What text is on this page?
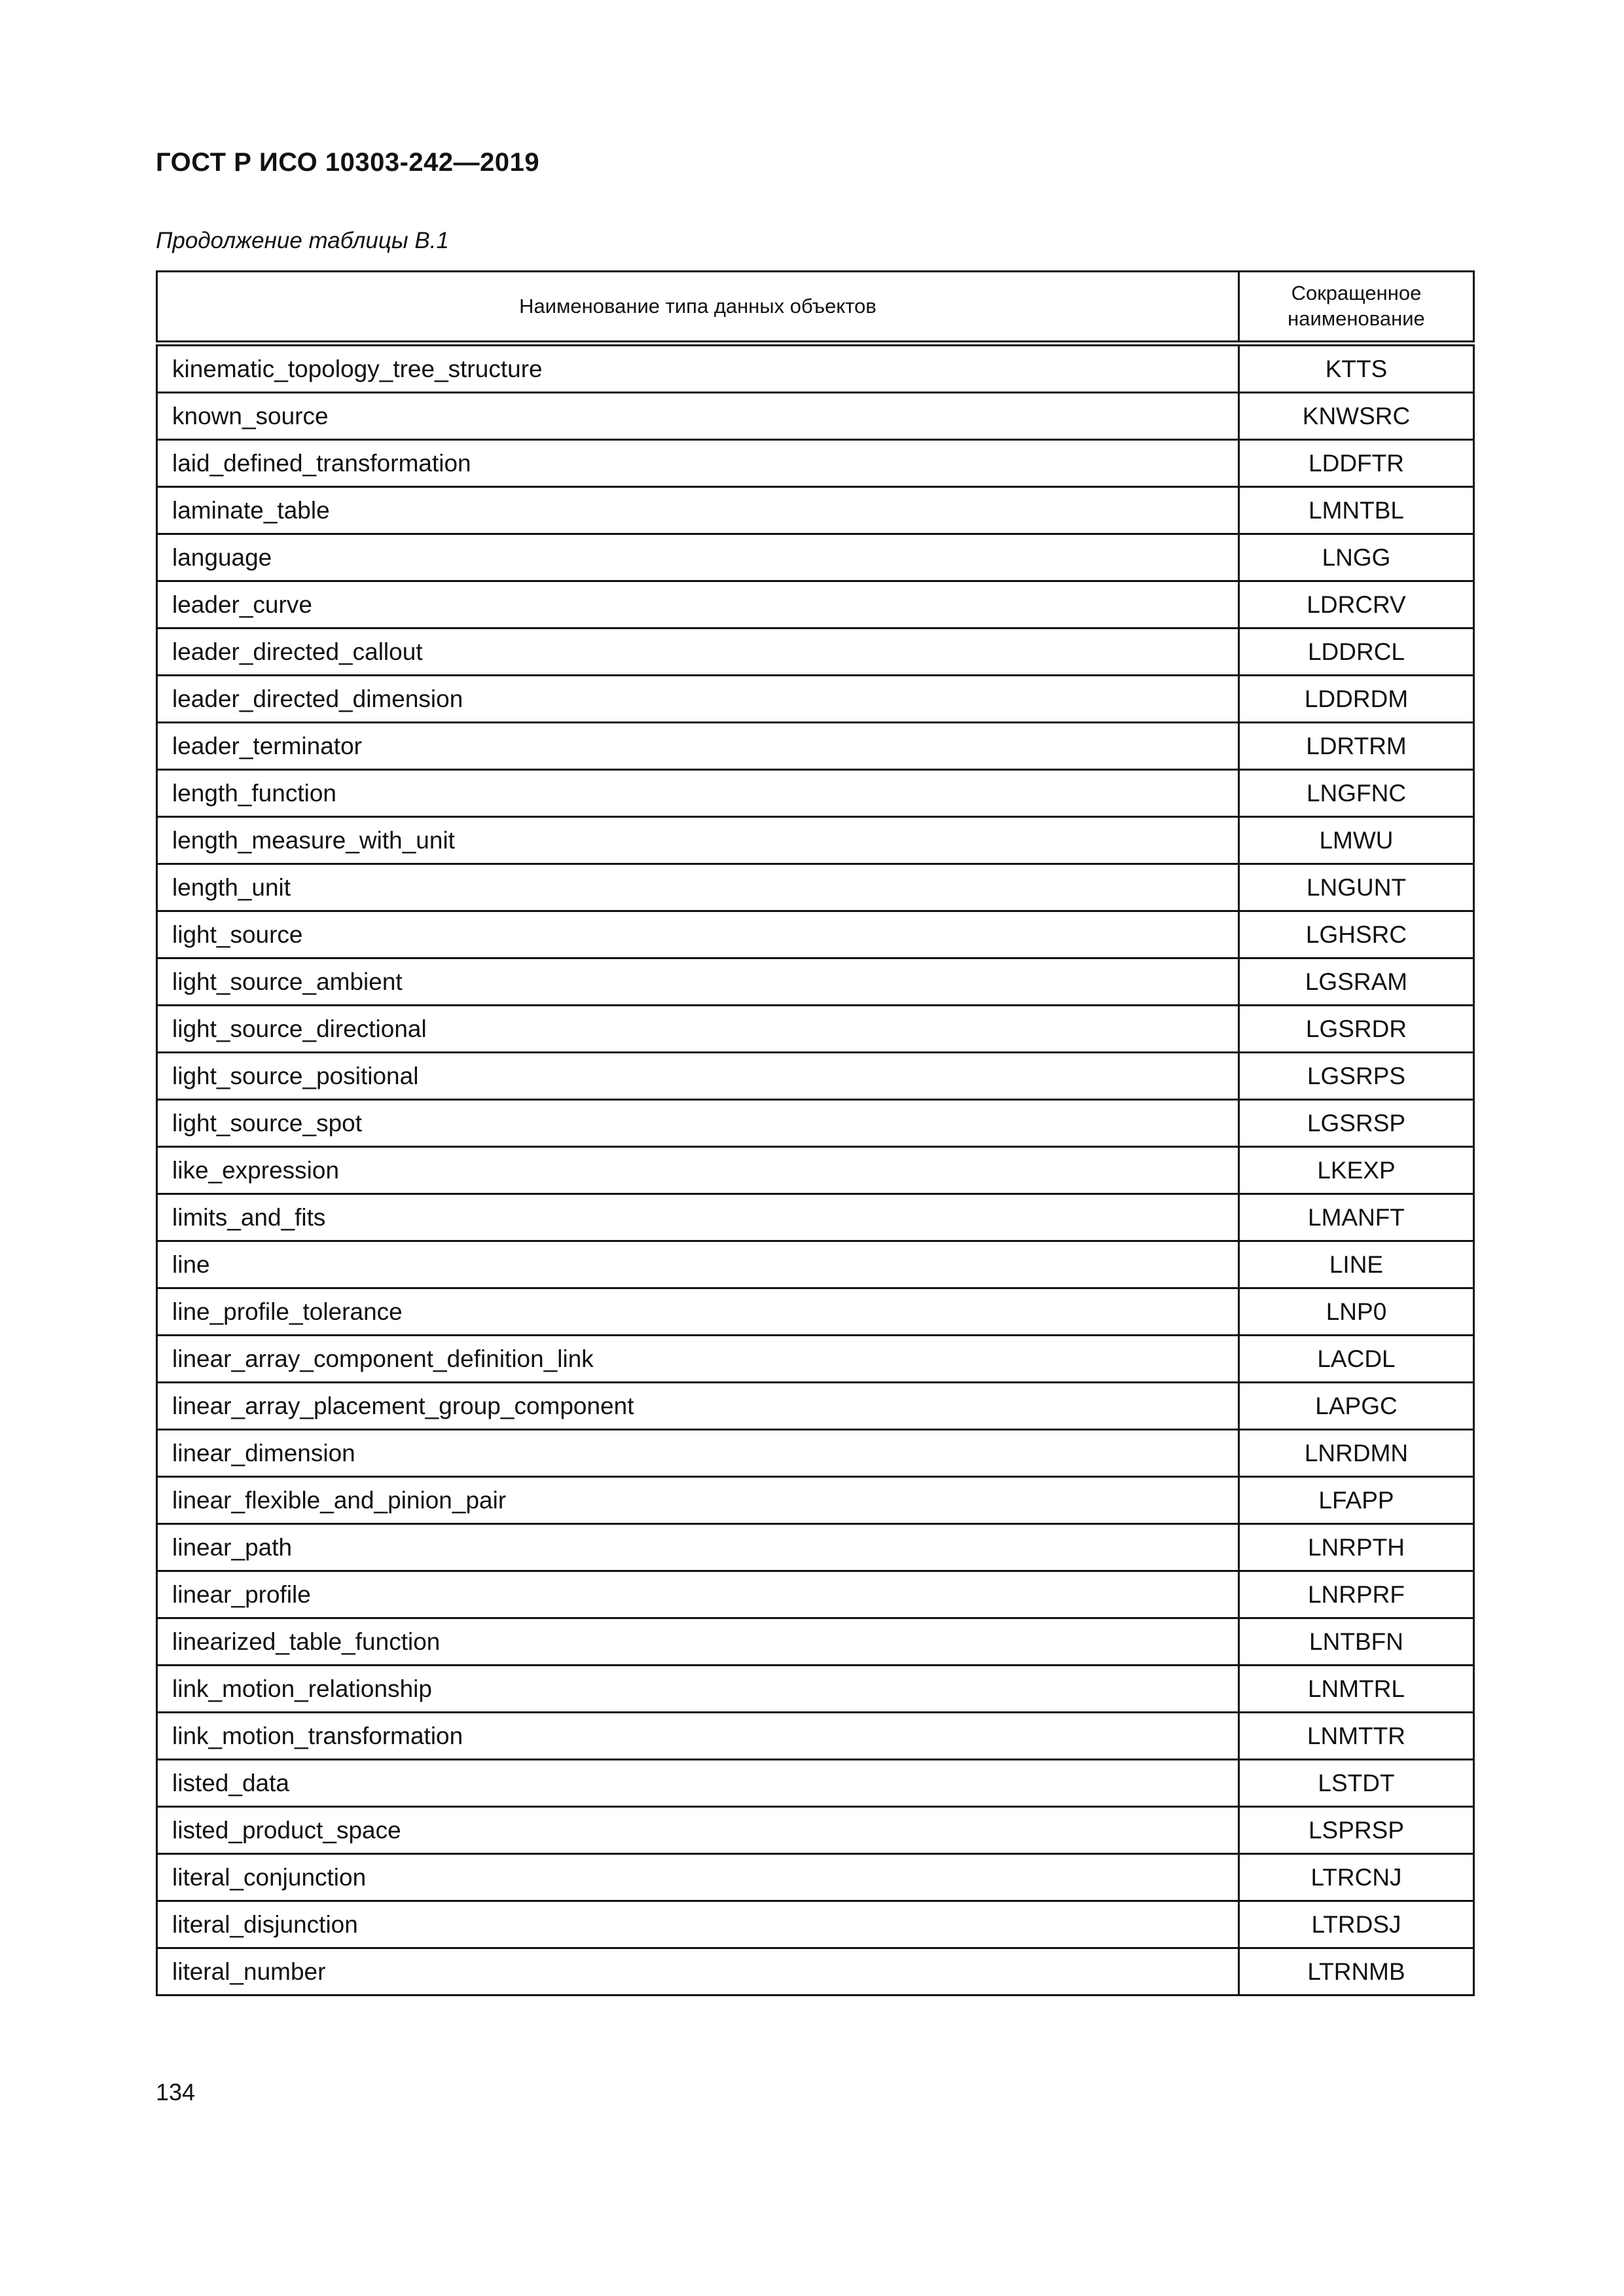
ГОСТ Р ИСО 10303-242—2019
Продолжение таблицы В.1
Наименование типа данных объектов	Сокращенное наименование
kinematic_topology_tree_structure	KTTS
known_source	KNWSRC
laid_defined_transformation	LDDFTR
laminate_table	LMNTBL
language	LNGG
leader_curve	LDRCRV
leader_directed_callout	LDDRCL
leader_directed_dimension	LDDRDM
leader_terminator	LDRTRM
length_function	LNGFNC
length_measure_with_unit	LMWU
length_unit	LNGUNT
light_source	LGHSRC
light_source_ambient	LGSRAM
light_source_directional	LGSRDR
light_source_positional	LGSRPS
light_source_spot	LGSRSP
like_expression	LKEXP
limits_and_fits	LMANFT
line	LINE
line_profile_tolerance	LNP0
linear_array_component_definition_link	LACDL
linear_array_placement_group_component	LAPGC
linear_dimension	LNRDMN
linear_flexible_and_pinion_pair	LFAPP
linear_path	LNRPTH
linear_profile	LNRPRF
linearized_table_function	LNTBFN
link_motion_relationship	LNMTRL
link_motion_transformation	LNMTTR
listed_data	LSTDT
listed_product_space	LSPRSP
literal_conjunction	LTRCNJ
literal_disjunction	LTRDSJ
literal_number	LTRNMB
134
